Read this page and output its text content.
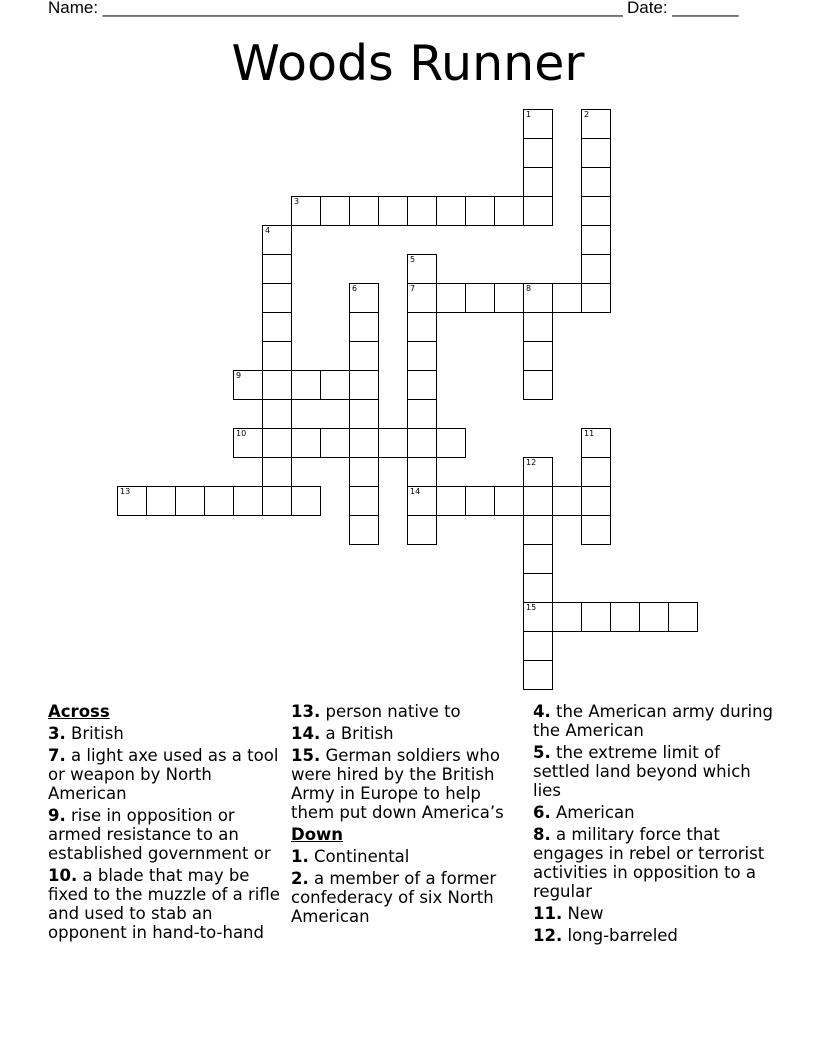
Name: _______________________________________________________ Date: _______
Woods Runner
1	2
3
4
5
7
14
6	8
9
10	11
12
15
13
Across
3. British
7. a light axe used as a tool or weapon by North American
9. rise in opposition or armed resistance to an established government or
10. a blade that may be fixed to the muzzle of a rifle and used to stab an opponent in hand-to-hand
13. person native to
14. a British
15. German soldiers who were hired by the British Army in Europe to help them put down America’s
Down
1. Continental
2. a member of a former confederacy of six North American
4. the American army during the American
5. the extreme limit of settled land beyond which lies
6. American
8. a military force that engages in rebel or terrorist activities in opposition to a regular
11. New
12. long-barreled
